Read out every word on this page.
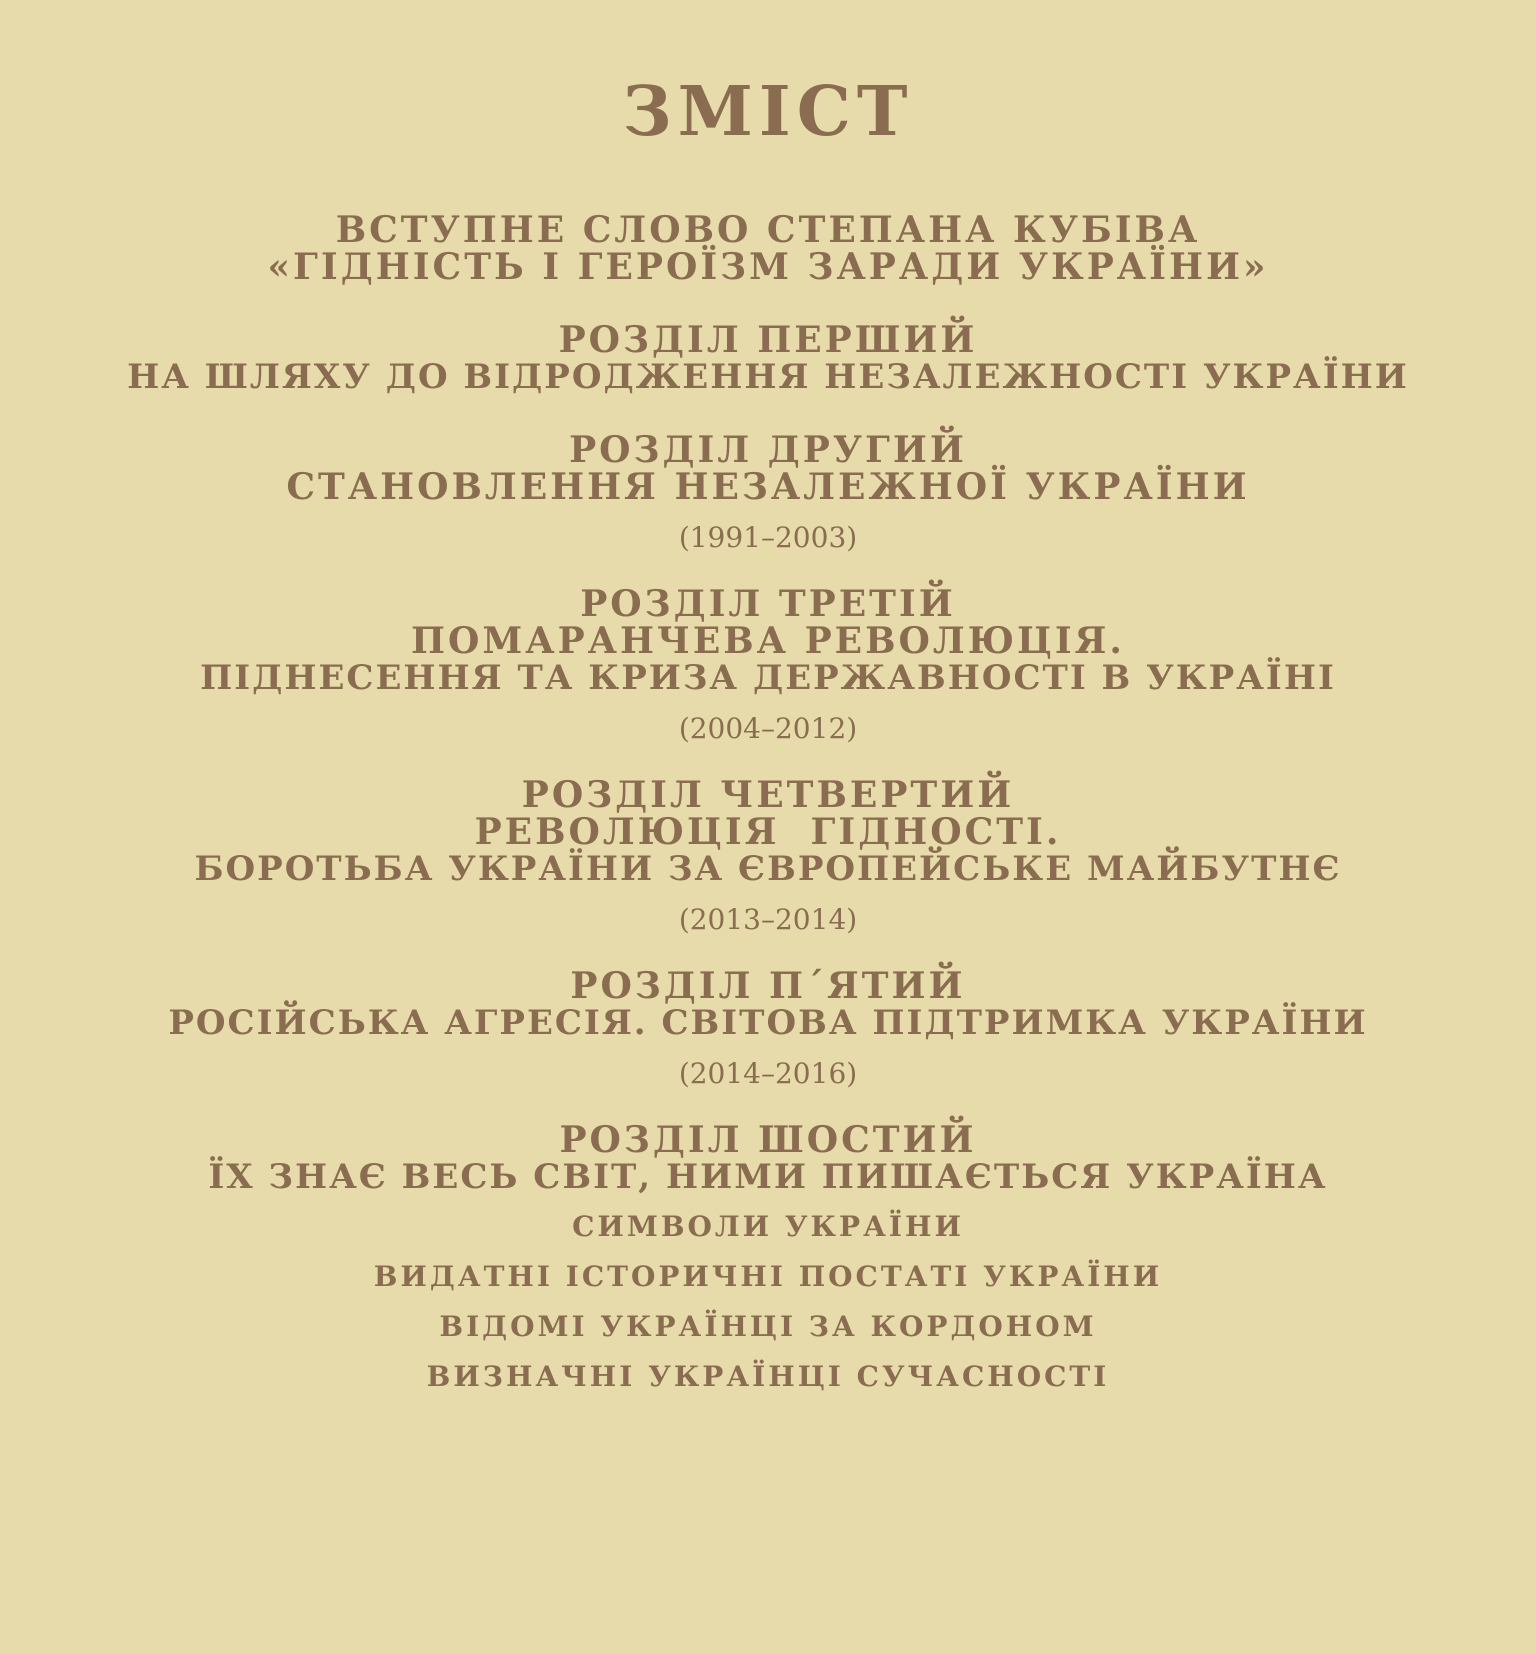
ЗМІСТ
ВСТУПНЕ СЛОВО СТЕПАНА КУБІВА
«ГІДНІСТЬ І ГЕРОЇЗМ ЗАРАДИ УКРАЇНИ»
РОЗДІЛ ПЕРШИЙ
НА ШЛЯХУ ДО ВІДРОДЖЕННЯ НЕЗАЛЕЖНОСТІ УКРАЇНИ
РОЗДІЛ ДРУГИЙ
СТАНОВЛЕННЯ НЕЗАЛЕЖНОЇ УКРАЇНИ
(1991–2003)
РОЗДІЛ ТРЕТІЙ
ПОМАРАНЧЕВА РЕВОЛЮЦІЯ.
ПІДНЕСЕННЯ ТА КРИЗА ДЕРЖАВНОСТІ В УКРАЇНІ
(2004–2012)
РОЗДІЛ ЧЕТВЕРТИЙ
РЕВОЛЮЦІЯ  ГІДНОСТІ.
БОРОТЬБА УКРАЇНИ ЗА ЄВРОПЕЙСЬКЕ МАЙБУТНЄ
(2013–2014)
РОЗДІЛ П´ЯТИЙ
РОСІЙСЬКА АГРЕСІЯ. СВІТОВА ПІДТРИМКА УКРАЇНИ
(2014–2016)
РОЗДІЛ ШОСТИЙ
ЇХ ЗНАЄ ВЕСЬ СВІТ, НИМИ ПИШАЄТЬСЯ УКРАЇНА
СИМВОЛИ УКРАЇНИ
ВИДАТНІ ІСТОРИЧНІ ПОСТАТІ УКРАЇНИ
ВІДОМІ УКРАЇНЦІ ЗА КОРДОНОМ
ВИЗНАЧНІ УКРАЇНЦІ СУЧАСНОСТІ
